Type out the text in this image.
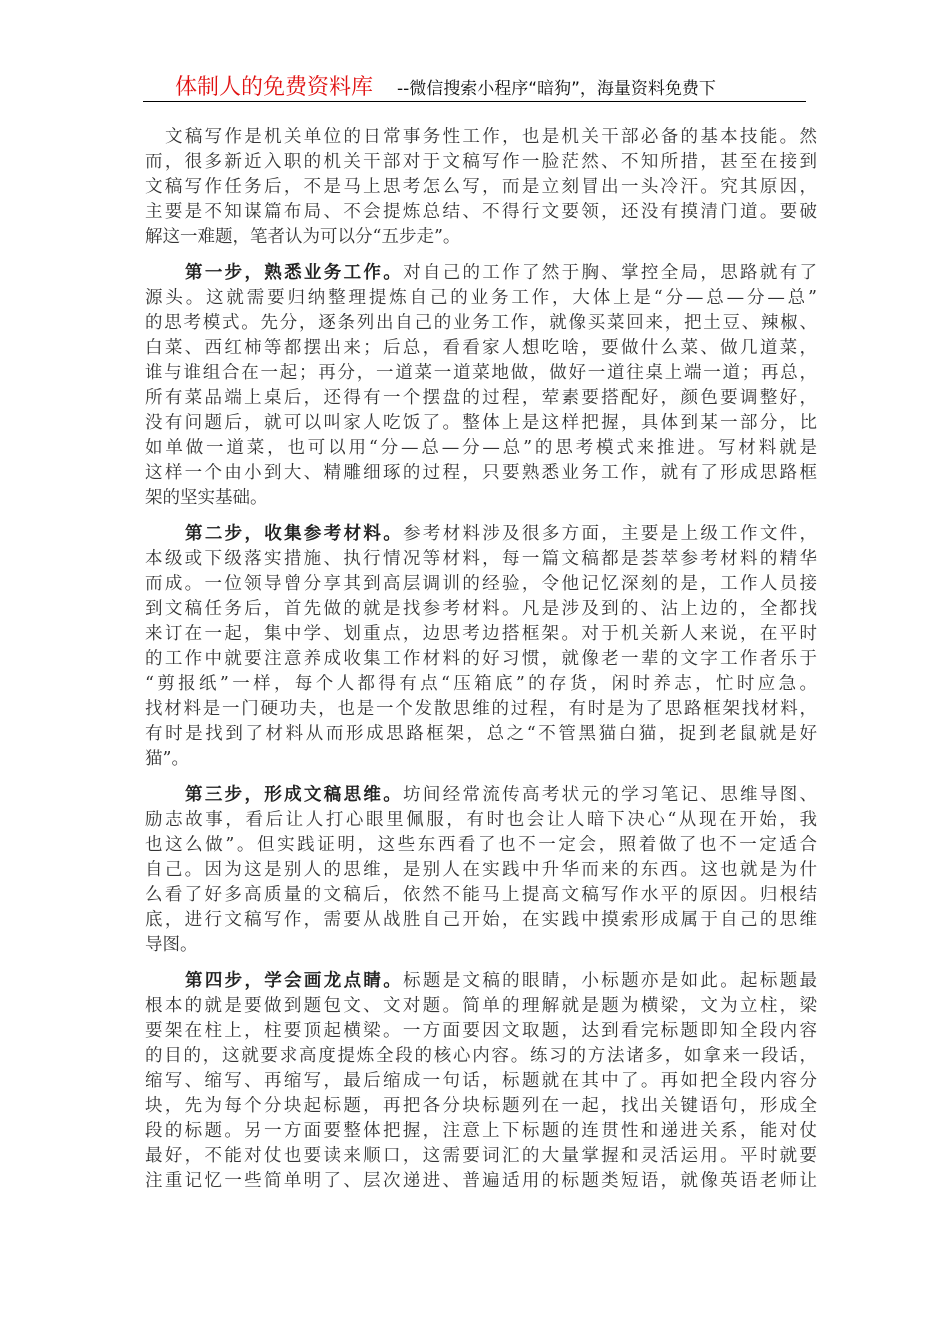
体制人的免费资料库 --微信搜索小程序“暗狗”，海量资料免费下
文稿写作是机关单位的日常事务性工作，也是机关干部必备的基本技能。然
而，很多新近入职的机关干部对于文稿写作一脸茫然、不知所措，甚至在接到
文稿写作任务后，不是马上思考怎么写，而是立刻冒出一头冷汗。究其原因，
主要是不知谋篇布局、不会提炼总结、不得行文要领，还没有摸清门道。要破
解这一难题，笔者认为可以分“五步走”。
第一步，熟悉业务工作。对自己的工作了然于胸、掌控全局，思路就有了
源头。这就需要归纳整理提炼自己的业务工作，大体上是“分—总—分—总”
的思考模式。先分，逐条列出自己的业务工作，就像买菜回来，把土豆、辣椒、
白菜、西红柿等都摆出来；后总，看看家人想吃啥，要做什么菜、做几道菜，
谁与谁组合在一起；再分，一道菜一道菜地做，做好一道往桌上端一道；再总，
所有菜品端上桌后，还得有一个摆盘的过程，荤素要搭配好，颜色要调整好，
没有问题后，就可以叫家人吃饭了。整体上是这样把握，具体到某一部分，比
如单做一道菜，也可以用“分—总—分—总”的思考模式来推进。写材料就是
这样一个由小到大、精雕细琢的过程，只要熟悉业务工作，就有了形成思路框
架的坚实基础。
第二步，收集参考材料。参考材料涉及很多方面，主要是上级工作文件，
本级或下级落实措施、执行情况等材料，每一篇文稿都是荟萃参考材料的精华
而成。一位领导曾分享其到高层调训的经验，令他记忆深刻的是，工作人员接
到文稿任务后，首先做的就是找参考材料。凡是涉及到的、沾上边的，全都找
来订在一起，集中学、划重点，边思考边搭框架。对于机关新人来说，在平时
的工作中就要注意养成收集工作材料的好习惯，就像老一辈的文字工作者乐于
“剪报纸”一样，每个人都得有点“压箱底”的存货，闲时养志，忙时应急。
找材料是一门硬功夫，也是一个发散思维的过程，有时是为了思路框架找材料，
有时是找到了材料从而形成思路框架，总之“不管黑猫白猫，捉到老鼠就是好
猫”。
第三步，形成文稿思维。坊间经常流传高考状元的学习笔记、思维导图、
励志故事，看后让人打心眼里佩服，有时也会让人暗下决心“从现在开始，我
也这么做”。但实践证明，这些东西看了也不一定会，照着做了也不一定适合
自己。因为这是别人的思维，是别人在实践中升华而来的东西。这也就是为什
么看了好多高质量的文稿后，依然不能马上提高文稿写作水平的原因。归根结
底，进行文稿写作，需要从战胜自己开始，在实践中摸索形成属于自己的思维
导图。
第四步，学会画龙点睛。标题是文稿的眼睛，小标题亦是如此。起标题最
根本的就是要做到题包文、文对题。简单的理解就是题为横梁，文为立柱，梁
要架在柱上，柱要顶起横梁。一方面要因文取题，达到看完标题即知全段内容
的目的，这就要求高度提炼全段的核心内容。练习的方法诸多，如拿来一段话，
缩写、缩写、再缩写，最后缩成一句话，标题就在其中了。再如把全段内容分
块，先为每个分块起标题，再把各分块标题列在一起，找出关键语句，形成全
段的标题。另一方面要整体把握，注意上下标题的连贯性和递进关系，能对仗
最好，不能对仗也要读来顺口，这需要词汇的大量掌握和灵活运用。平时就要
注重记忆一些简单明了、层次递进、普遍适用的标题类短语，就像英语老师让
